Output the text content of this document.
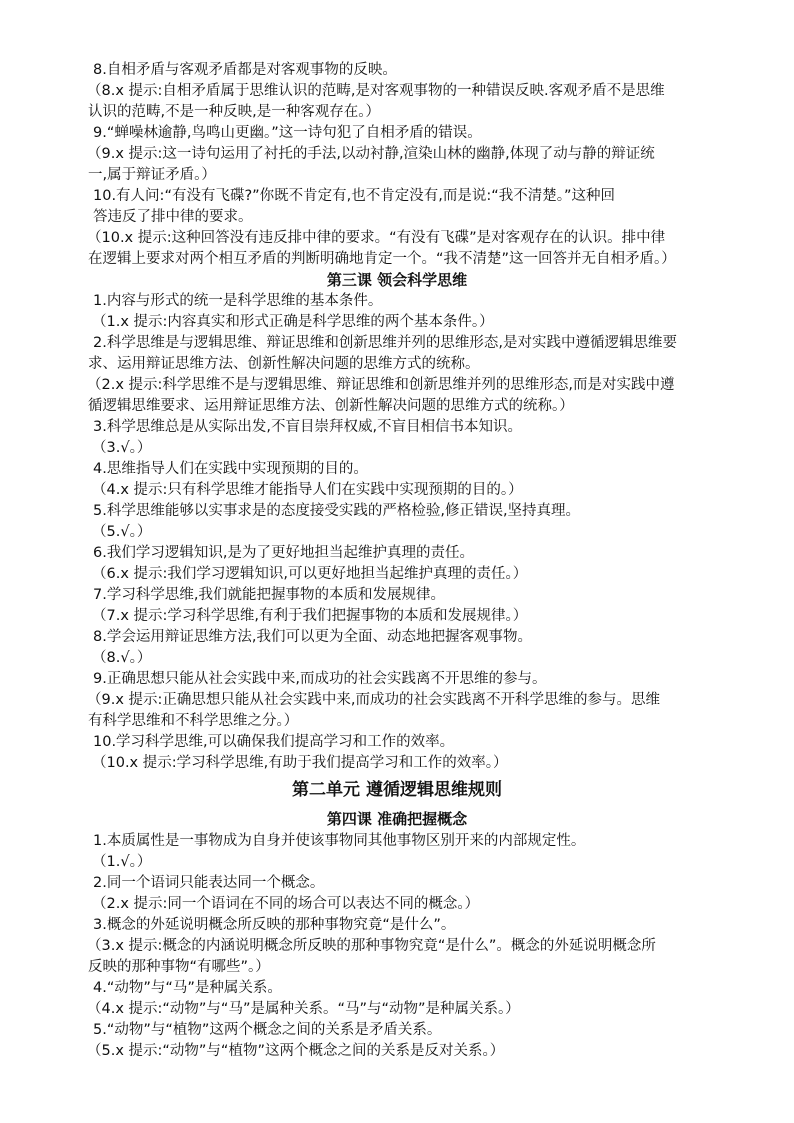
8.自相矛盾与客观矛盾都是对客观事物的反映。
（8.x 提示:自相矛盾属于思维认识的范畴,是对客观事物的一种错误反映.客观矛盾不是思维
认识的范畴,不是一种反映,是一种客观存在。）
9.“蝉噪林逾静,鸟鸣山更幽。”这一诗句犯了自相矛盾的错误。
（9.x 提示:这一诗句运用了衬托的手法,以动衬静,渲染山林的幽静,体现了动与静的辩证统
一,属于辩证矛盾。）
10.有人问:“有没有飞碟?”你既不肯定有,也不肯定没有,而是说:“我不清楚。”这种回
答违反了排中律的要求。
（10.x 提示:这种回答没有违反排中律的要求。“有没有飞碟”是对客观存在的认识。排中律
在逻辑上要求对两个相互矛盾的判断明确地肯定一个。“我不清楚”这一回答并无自相矛盾。）
第三课 领会科学思维
1.内容与形式的统一是科学思维的基本条件。
（1.x 提示:内容真实和形式正确是科学思维的两个基本条件。）
2.科学思维是与逻辑思维、辩证思维和创新思维并列的思维形态,是对实践中遵循逻辑思维要
求、运用辩证思维方法、创新性解决问题的思维方式的统称。
（2.x 提示:科学思维不是与逻辑思维、辩证思维和创新思维并列的思维形态,而是对实践中遵
循逻辑思维要求、运用辩证思维方法、创新性解决问题的思维方式的统称。）
3.科学思维总是从实际出发,不盲目崇拜权威,不盲目相信书本知识。
（3.√。）
4.思维指导人们在实践中实现预期的目的。
（4.x 提示:只有科学思维才能指导人们在实践中实现预期的目的。）
5.科学思维能够以实事求是的态度接受实践的严格检验,修正错误,坚持真理。
（5.√。）
6.我们学习逻辑知识,是为了更好地担当起维护真理的责任。
（6.x 提示:我们学习逻辑知识,可以更好地担当起维护真理的责任。）
7.学习科学思维,我们就能把握事物的本质和发展规律。
（7.x 提示:学习科学思维,有利于我们把握事物的本质和发展规律。）
8.学会运用辩证思维方法,我们可以更为全面、动态地把握客观事物。
（8.√。）
9.正确思想只能从社会实践中来,而成功的社会实践离不开思维的参与。
（9.x 提示:正确思想只能从社会实践中来,而成功的社会实践离不开科学思维的参与。思维
有科学思维和不科学思维之分。）
10.学习科学思维,可以确保我们提高学习和工作的效率。
（10.x 提示:学习科学思维,有助于我们提高学习和工作的效率。）
第二单元 遵循逻辑思维规则
第四课 准确把握概念
1.本质属性是一事物成为自身并使该事物同其他事物区别开来的内部规定性。
（1.√。）
2.同一个语词只能表达同一个概念。
（2.x 提示:同一个语词在不同的场合可以表达不同的概念。）
3.概念的外延说明概念所反映的那种事物究竟“是什么”。
（3.x 提示:概念的内涵说明概念所反映的那种事物究竟“是什么”。概念的外延说明概念所
反映的那种事物“有哪些”。）
4.“动物”与“马”是种属关系。
（4.x 提示:“动物”与“马”是属种关系。“马”与“动物”是种属关系。）
5.“动物”与“植物”这两个概念之间的关系是矛盾关系。
（5.x 提示:“动物”与“植物”这两个概念之间的关系是反对关系。）
